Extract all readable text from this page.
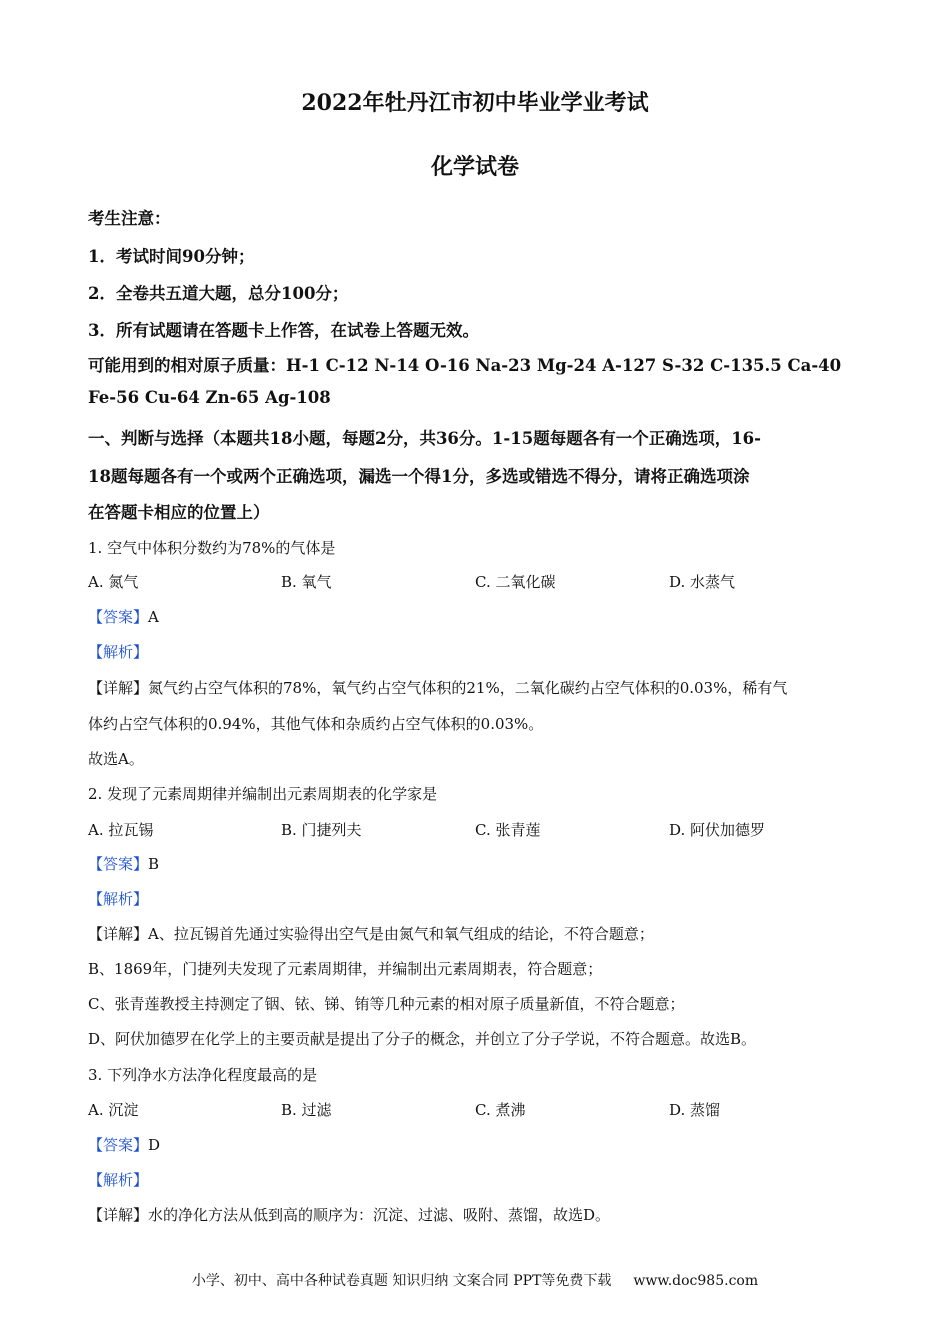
2022年牡丹江市初中毕业学业考试
化学试卷
考生注意：
1．考试时间90分钟；
2．全卷共五道大题，总分100分；
3．所有试题请在答题卡上作答，在试卷上答题无效。
可能用到的相对原子质量：H-1 C-12 N-14 O-16 Na-23 Mg-24 A-127 S-32 C-135.5 Ca-40
Fe-56 Cu-64 Zn-65 Ag-108
一、判断与选择（本题共18小题，每题2分，共36分。1-15题每题各有一个正确选项，16-
18题每题各有一个或两个正确选项，漏选一个得1分，多选或错选不得分，请将正确选项涂
在答题卡相应的位置上）
1. 空气中体积分数约为78%的气体是
A. 氮气	B. 氧气	C. 二氧化碳	D. 水蒸气
【答案】A
【解析】
【详解】氮气约占空气体积的78%，氧气约占空气体积的21%，二氧化碳约占空气体积的0.03%，稀有气
体约占空气体积的0.94%，其他气体和杂质约占空气体积的0.03%。
故选A。
2. 发现了元素周期律并编制出元素周期表的化学家是
A. 拉瓦锡	B. 门捷列夫	C. 张青莲	D. 阿伏加德罗
【答案】B
【解析】
【详解】A、拉瓦锡首先通过实验得出空气是由氮气和氧气组成的结论，不符合题意；
B、1869年，门捷列夫发现了元素周期律，并编制出元素周期表，符合题意；
C、张青莲教授主持测定了铟、铱、锑、铕等几种元素的相对原子质量新值，不符合题意；
D、阿伏加德罗在化学上的主要贡献是提出了分子的概念，并创立了分子学说，不符合题意。故选B。
3. 下列净水方法净化程度最高的是
A. 沉淀	B. 过滤	C. 煮沸	D. 蒸馏
【答案】D
【解析】
【详解】水的净化方法从低到高的顺序为：沉淀、过滤、吸附、蒸馏，故选D。
小学、初中、高中各种试卷真题 知识归纳 文案合同 PPT等免费下载 www.doc985.com
